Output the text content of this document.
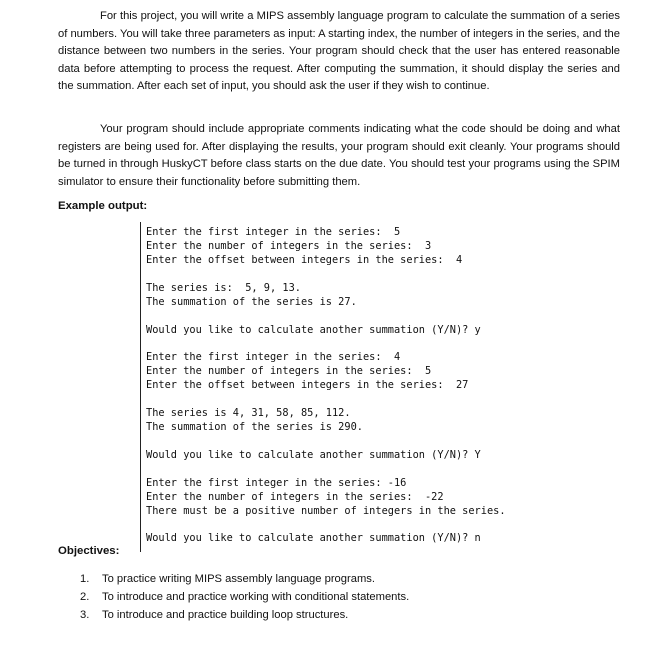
For this project, you will write a MIPS assembly language program to calculate the summation of a series of numbers. You will take three parameters as input: A starting index, the number of integers in the series, and the distance between two numbers in the series. Your program should check that the user has entered reasonable data before attempting to process the request. After computing the summation, it should display the series and the summation. After each set of input, you should ask the user if they wish to continue.

Your program should include appropriate comments indicating what the code should be doing and what registers are being used for. After displaying the results, your program should exit cleanly. Your programs should be turned in through HuskyCT before class starts on the due date. You should test your programs using the SPIM simulator to ensure their functionality before submitting them.

Example output:

Enter the first integer in the series:  5
Enter the number of integers in the series:  3
Enter the offset between integers in the series:  4
The series is:  5, 9, 13.
The summation of the series is 27.
Would you like to calculate another summation (Y/N)? y
Enter the first integer in the series:  4
Enter the number of integers in the series:  5
Enter the offset between integers in the series:  27
The series is 4, 31, 58, 85, 112.
The summation of the series is 290.
Would you like to calculate another summation (Y/N)? Y
Enter the first integer in the series: -16
Enter the number of integers in the series:  -22
There must be a positive number of integers in the series.
Would you like to calculate another summation (Y/N)? n

Objectives:

1. To practice writing MIPS assembly language programs.
2. To introduce and practice working with conditional statements.
3. To introduce and practice building loop structures.
